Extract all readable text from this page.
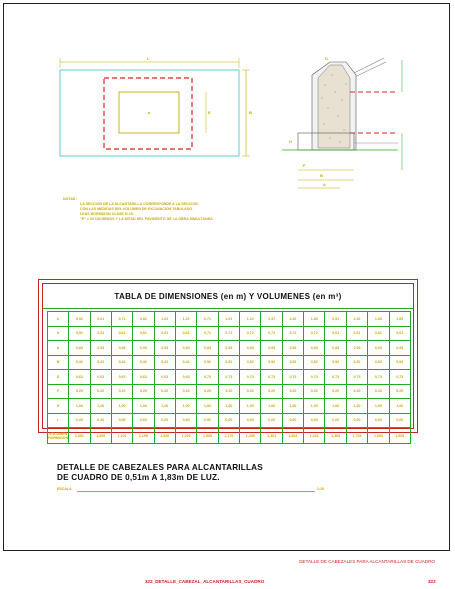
L
a	B
E
D
A
B
F
H
NOTAS :
LA SECCION DE LA ALCANTARILLA CORRESPONDE A LA SECCION,
CON LAS MEDIDAS DEL VOLUMEN DE EXCAVACION TABULADO.
LEAS HORMIGON CLASE H-15.
"E" = 20 CM MENOS Y LA MITAD DEL PAVIMENTO DE LA OBRA SIMULTANEA.
TABLA DE DIMENSIONES (en m) Y VOLUMENES (en m³)
a	0,51	0,61	0,71	0,81	1,02	1,22	0,71	1,01	1,22	1,37	1,52	1,83	0,91	1,52	1,83	1,83
b	0,51	0,51	0,61	0,61	0,61	0,61	0,71	0,72	0,72	0,72	0,72	0,72	0,61	0,61	0,61	0,61
A	0,83	0,93	0,93	0,93	0,93	0,93	0,83	0,93	0,93	0,93	0,93	0,93	0,83	0,93	0,93	0,93
B	0,42	0,42	0,42	0,42	0,42	0,42	0,52	0,52	0,52	0,52	0,52	0,52	0,52	0,52	0,52	0,52
D	0,63	0,63	0,63	0,63	0,63	0,63	0,73	0,73	0,73	0,73	0,73	0,73	0,73	0,73	0,73	0,73
F	0,20	0,20	0,20	0,20	0,20	0,20	0,20	0,20	0,20	0,20	0,20	0,20	0,20	0,20	0,20	0,20
H	1,00	1,00	1,00	1,00	1,00	1,00	1,00	1,00	1,00	1,00	1,00	1,00	1,00	1,00	1,00	1,00
L	0,30	0,40	0,50	0,60	0,60	0,60	0,50	0,60	0,60	0,60	0,60	0,60	0,60	0,60	0,60	0,60
VOLUMEN HORMIGON	1,301	1,605	1,101	1,199	1,020	1,203	1,505	1,170	1,405	1,301	1,603	1,621	1,303	1,704	1,603	1,605
DETALLE DE CABEZALES PARA ALCANTARILLAS
DE CUADRO DE 0,51m A 1,83m DE LUZ.
ESCALA	1:20
DETALLE DE CABEZALES PARA ALCANTARILLAS DE CUADRO
322_DETALLE_CABEZAL_ALCANTARILLAS_CUADRO	322
